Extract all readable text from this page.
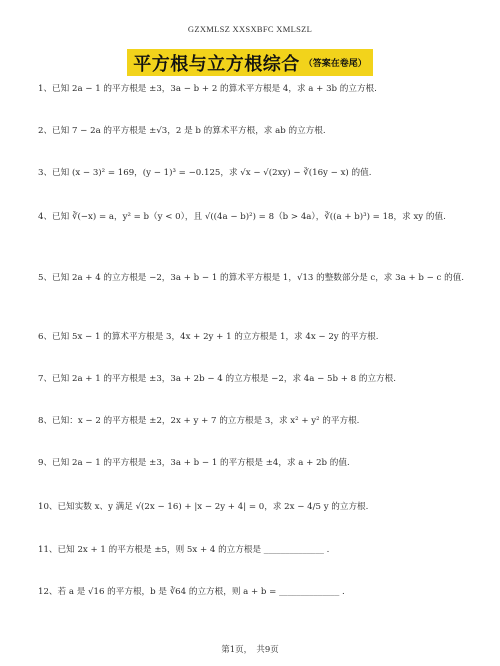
GZXMLSZ XXSXBFC XMLSZL
平方根与立方根综合 （答案在卷尾）
1、已知 2a − 1 的平方根是 ±3，3a − b + 2 的算术平方根是 4，求 a + 3b 的立方根.
2、已知 7 − 2a 的平方根是 ±√3，2 是 b 的算术平方根，求 ab 的立方根.
3、已知 (x − 3)² = 169，(y − 1)³ = −0.125，求 √x − √(2xy) − ∛(16y − x) 的值.
4、已知 ∛(−x) = a，y² = b（y < 0），且 √((4a − b)²) = 8（b > 4a），∛((a + b)³) = 18，求 xy 的值.
5、已知 2a + 4 的立方根是 −2，3a + b − 1 的算术平方根是 1，√13 的整数部分是 c，求 3a + b − c 的值.
6、已知 5x − 1 的算术平方根是 3，4x + 2y + 1 的立方根是 1，求 4x − 2y 的平方根.
7、已知 2a + 1 的平方根是 ±3，3a + 2b − 4 的立方根是 −2，求 4a − 5b + 8 的立方根.
8、已知：x − 2 的平方根是 ±2，2x + y + 7 的立方根是 3，求 x² + y² 的平方根.
9、已知 2a − 1 的平方根是 ±3，3a + b − 1 的平方根是 ±4，求 a + 2b 的值.
10、已知实数 x、y 满足 √(2x − 16) + |x − 2y + 4| = 0，求 2x − 4/5 y 的立方根.
11、已知 2x + 1 的平方根是 ±5，则 5x + 4 的立方根是 ______________ .
12、若 a 是 √16 的平方根，b 是 ∛64 的立方根，则 a + b = ______________ .
第1页，　共9页
